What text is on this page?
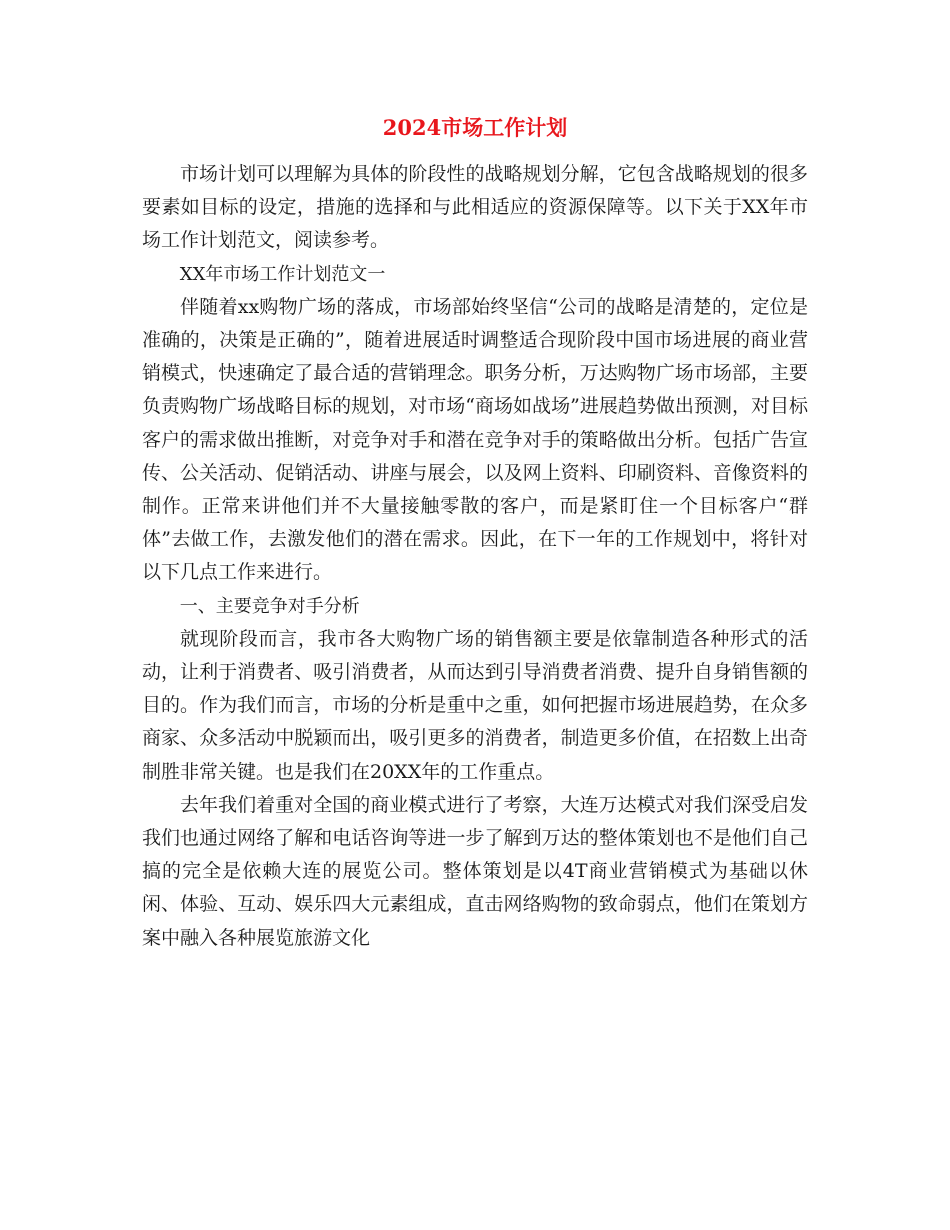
2024市场工作计划

市场计划可以理解为具体的阶段性的战略规划分解，它包含战略规划的很多要素如目标的设定，措施的选择和与此相适应的资源保障等。以下关于XX年市场工作计划范文，阅读参考。

XX年市场工作计划范文一

伴随着xx购物广场的落成，市场部始终坚信“公司的战略是清楚的，定位是准确的，决策是正确的”，随着进展适时调整适合现阶段中国市场进展的商业营销模式，快速确定了最合适的营销理念。职务分析，万达购物广场市场部，主要负责购物广场战略目标的规划，对市场“商场如战场”进展趋势做出预测，对目标客户的需求做出推断，对竞争对手和潜在竞争对手的策略做出分析。包括广告宣传、公关活动、促销活动、讲座与展会，以及网上资料、印刷资料、音像资料的制作。正常来讲他们并不大量接触零散的客户，而是紧盯住一个目标客户“群体”去做工作，去激发他们的潜在需求。因此，在下一年的工作规划中，将针对以下几点工作来进行。

一、主要竞争对手分析

就现阶段而言，我市各大购物广场的销售额主要是依靠制造各种形式的活动，让利于消费者、吸引消费者，从而达到引导消费者消费、提升自身销售额的目的。作为我们而言，市场的分析是重中之重，如何把握市场进展趋势，在众多商家、众多活动中脱颖而出，吸引更多的消费者，制造更多价值，在招数上出奇制胜非常关键。也是我们在20XX年的工作重点。

去年我们着重对全国的商业模式进行了考察，大连万达模式对我们深受启发我们也通过网络了解和电话咨询等进一步了解到万达的整体策划也不是他们自己搞的完全是依赖大连的展览公司。整体策划是以4T商业营销模式为基础以休闲、体验、互动、娱乐四大元素组成，直击网络购物的致命弱点，他们在策划方案中融入各种展览旅游文化
